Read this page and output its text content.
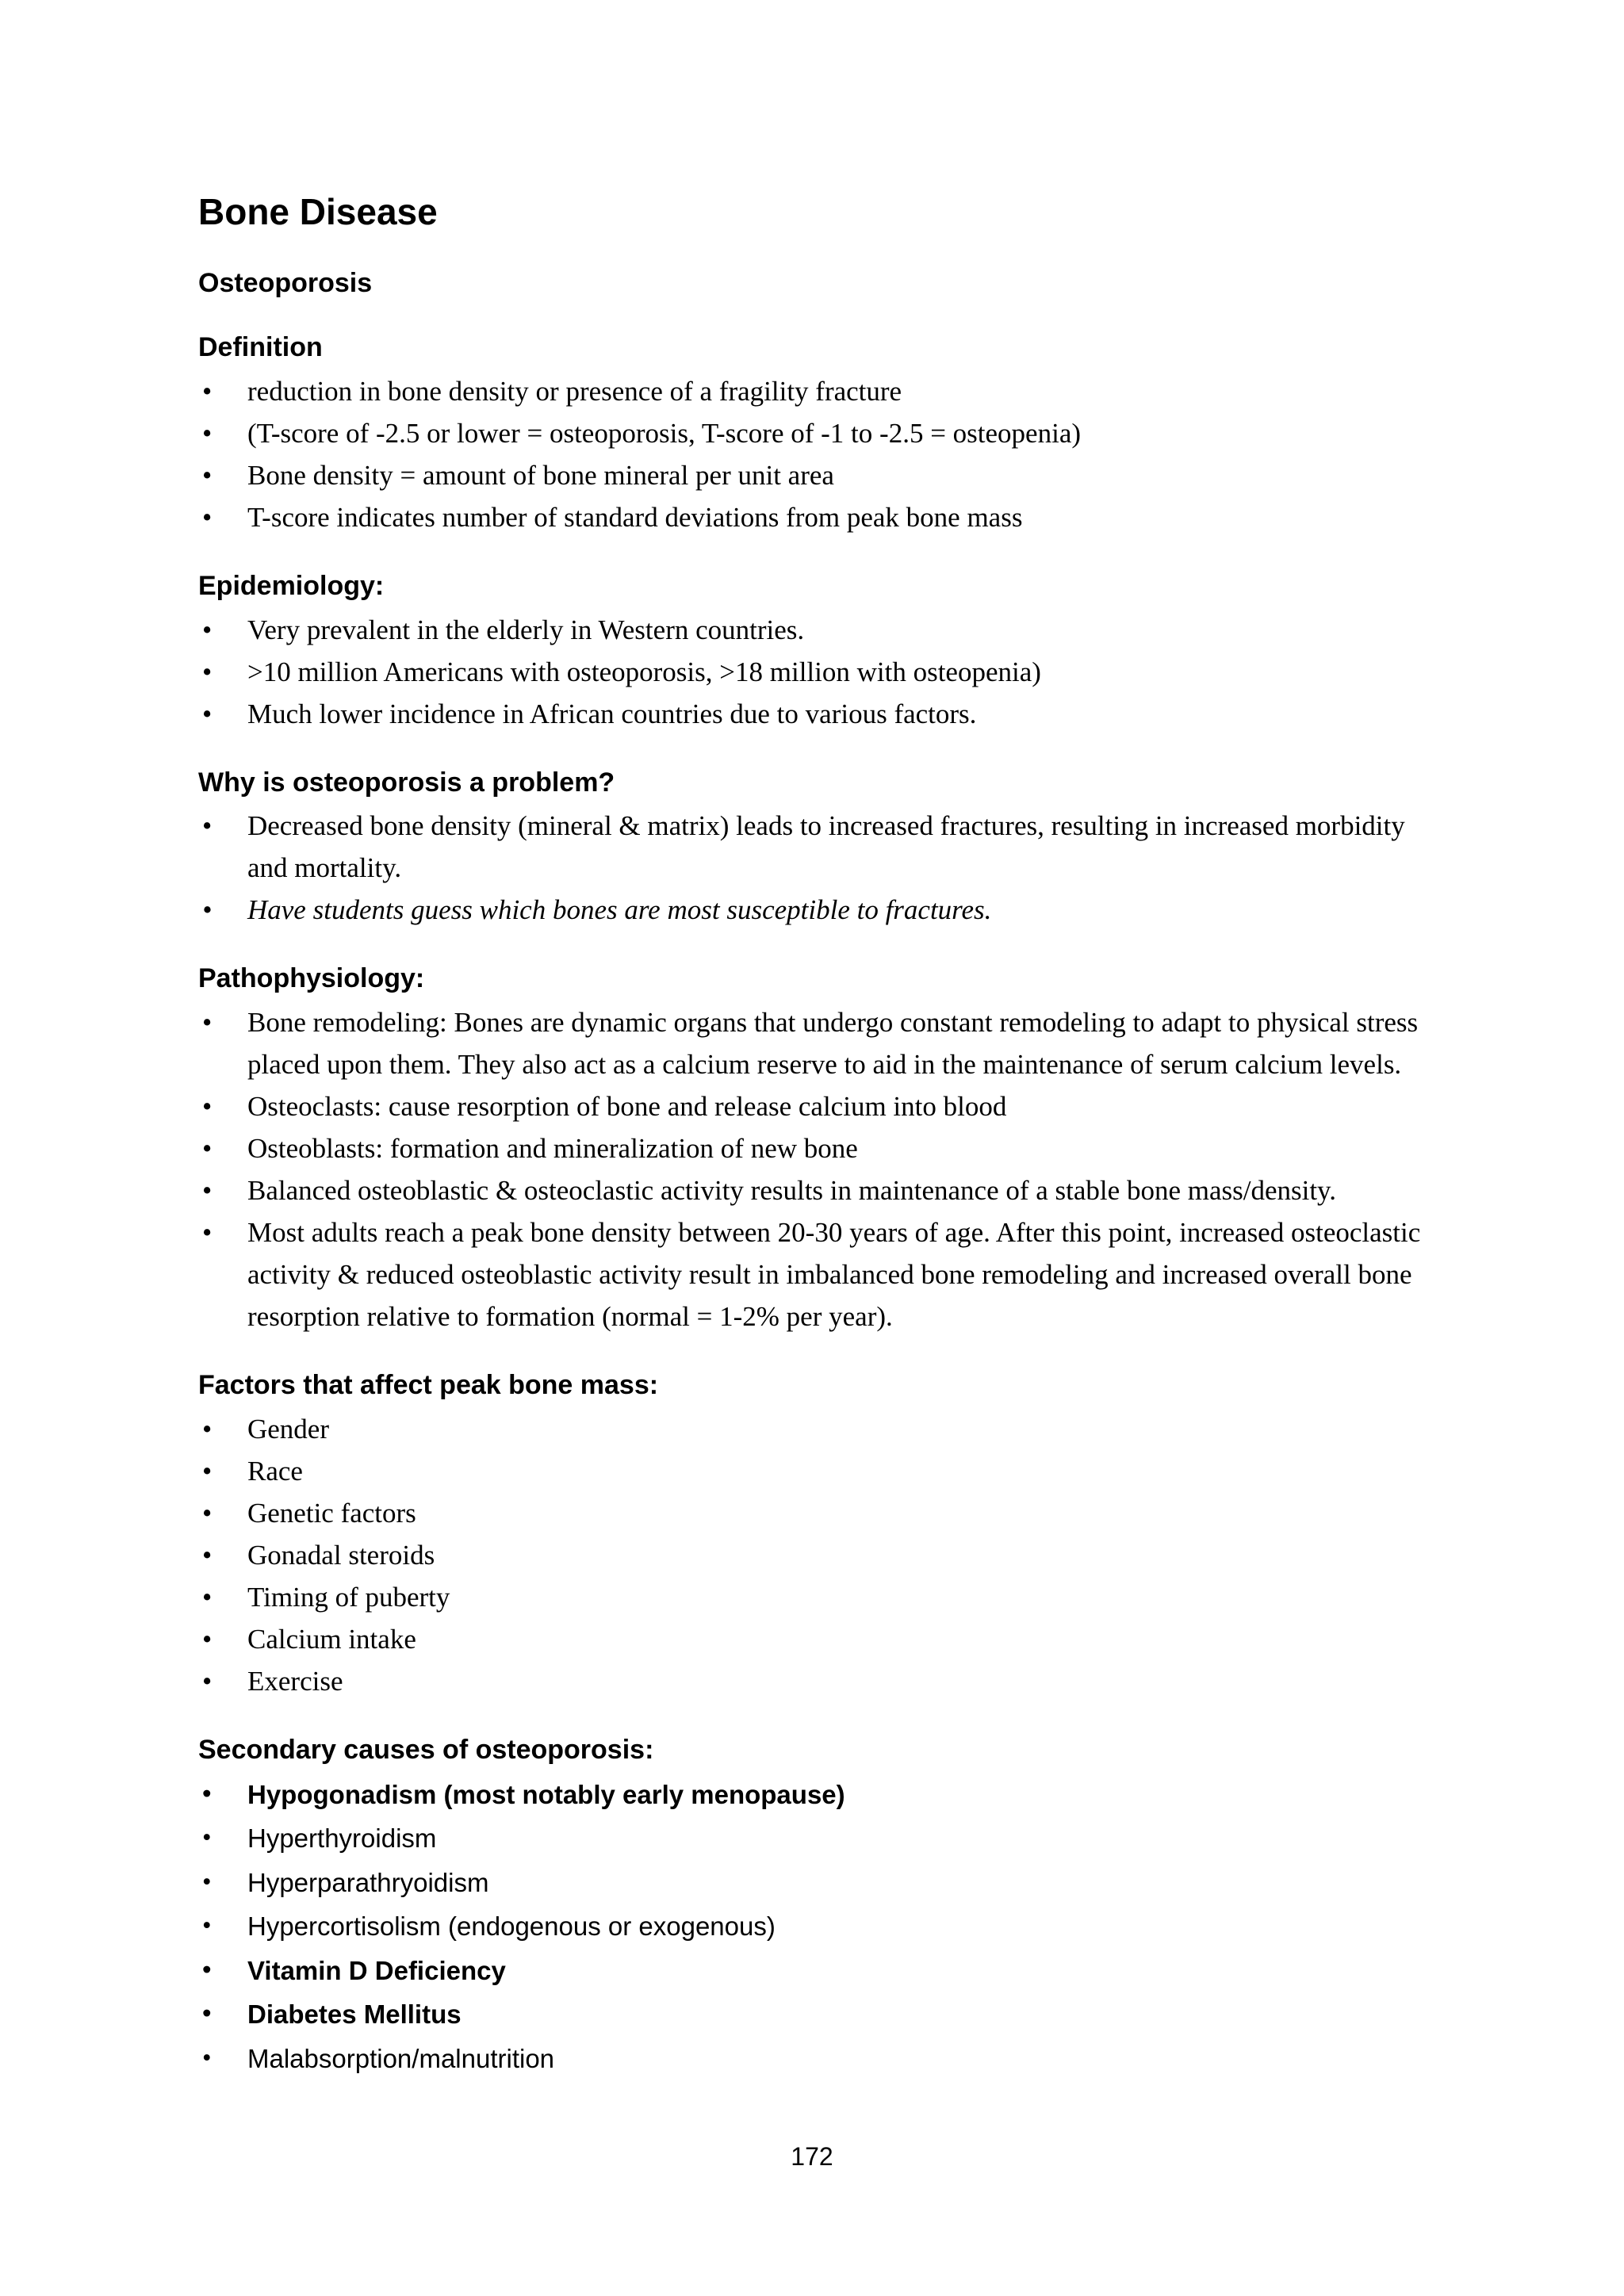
Bone Disease
Osteoporosis
Definition
• reduction in bone density or presence of a fragility fracture
• (T-score of -2.5 or lower = osteoporosis, T-score of -1 to -2.5 = osteopenia)
• Bone density = amount of bone mineral per unit area
• T-score indicates number of standard deviations from peak bone mass
Epidemiology:
• Very prevalent in the elderly in Western countries.
• >10 million Americans with osteoporosis, >18 million with osteopenia)
• Much lower incidence in African countries due to various factors.
Why is osteoporosis a problem?
• Decreased bone density (mineral & matrix) leads to increased fractures, resulting in increased morbidity and mortality.
• Have students guess which bones are most susceptible to fractures.
Pathophysiology:
• Bone remodeling: Bones are dynamic organs that undergo constant remodeling to adapt to physical stress placed upon them. They also act as a calcium reserve to aid in the maintenance of serum calcium levels.
• Osteoclasts: cause resorption of bone and release calcium into blood
• Osteoblasts: formation and mineralization of new bone
• Balanced osteoblastic & osteoclastic activity results in maintenance of a stable bone mass/density.
• Most adults reach a peak bone density between 20-30 years of age. After this point, increased osteoclastic activity & reduced osteoblastic activity result in imbalanced bone remodeling and increased overall bone resorption relative to formation (normal = 1-2% per year).
Factors that affect peak bone mass:
• Gender
• Race
• Genetic factors
• Gonadal steroids
• Timing of puberty
• Calcium intake
• Exercise
Secondary causes of osteoporosis:
• Hypogonadism (most notably early menopause)
• Hyperthyroidism
• Hyperparathryoidism
• Hypercortisolism (endogenous or exogenous)
• Vitamin D Deficiency
• Diabetes Mellitus
• Malabsorption/malnutrition
172
